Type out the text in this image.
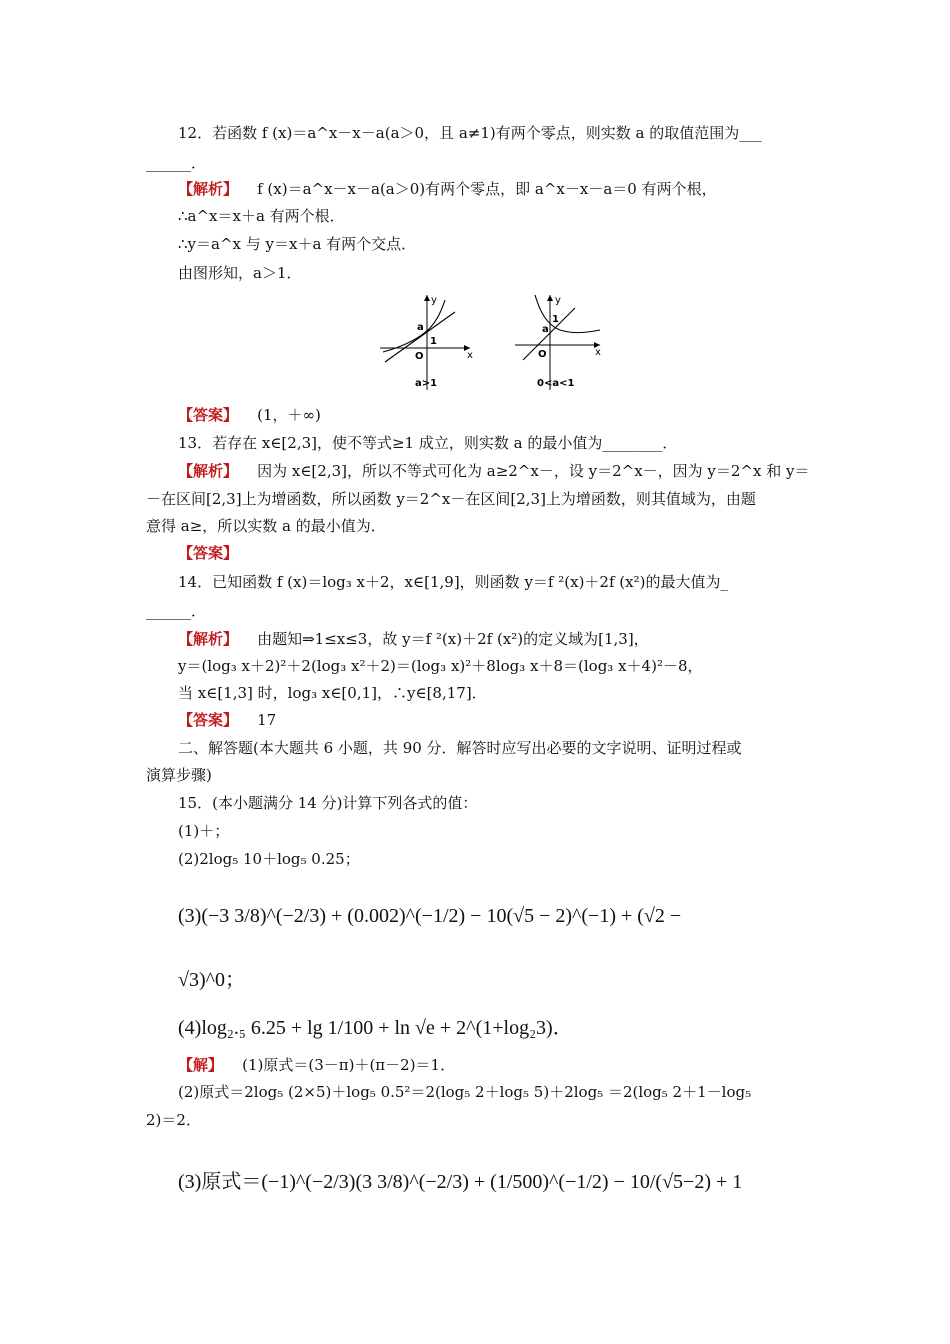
12．若函数 f (x)＝a^x－x－a(a＞0，且 a≠1)有两个零点，则实数 a 的取值范围为___
______．
【解析】 f (x)＝a^x－x－a(a＞0)有两个零点，即 a^x－x－a＝0 有两个根，
∴a^x＝x＋a 有两个根．
∴y＝a^x 与 y＝x＋a 有两个交点．
由图形知，a＞1．
y
x
O
a
1
a>1
y
x
O
a
1
0<a<1
【答案】 (1，＋∞)
13．若存在 x∈[2,3]，使不等式≥1 成立，则实数 a 的最小值为________．
【解析】 因为 x∈[2,3]，所以不等式可化为 a≥2^x－，设 y＝2^x－，因为 y＝2^x 和 y＝
－在区间[2,3]上为增函数，所以函数 y＝2^x－在区间[2,3]上为增函数，则其值域为，由题
意得 a≥，所以实数 a 的最小值为．
【答案】
14．已知函数 f (x)＝log₃ x＋2，x∈[1,9]，则函数 y＝f ²(x)＋2f (x²)的最大值为_
______．
【解析】 由题知⇒1≤x≤3，故 y＝f ²(x)＋2f (x²)的定义域为[1,3]，
y＝(log₃ x＋2)²＋2(log₃ x²＋2)＝(log₃ x)²＋8log₃ x＋8＝(log₃ x＋4)²－8，
当 x∈[1,3] 时，log₃ x∈[0,1]，∴y∈[8,17]．
【答案】 17
二、解答题(本大题共 6 小题，共 90 分．解答时应写出必要的文字说明、证明过程或
演算步骤)
15．(本小题满分 14 分)计算下列各式的值：
(1)＋；
(2)2log₅ 10＋log₅ 0.25；
(3)(−3 3/8)^(−2/3) + (0.002)^(−1/2) − 10(√5 − 2)^(−1) + (√2 −
√3)^0；
(4)log₂.₅ 6.25 + lg 1/100 + ln √e + 2^(1+log₂3)．
【解】 (1)原式＝(3－π)＋(π－2)＝1．
(2)原式＝2log₅ (2×5)＋log₅ 0.5²＝2(log₅ 2＋log₅ 5)＋2log₅ ＝2(log₅ 2＋1－log₅
2)＝2．
(3)原式＝(−1)^(−2/3)(3 3/8)^(−2/3) + (1/500)^(−1/2) − 10/(√5−2) + 1
